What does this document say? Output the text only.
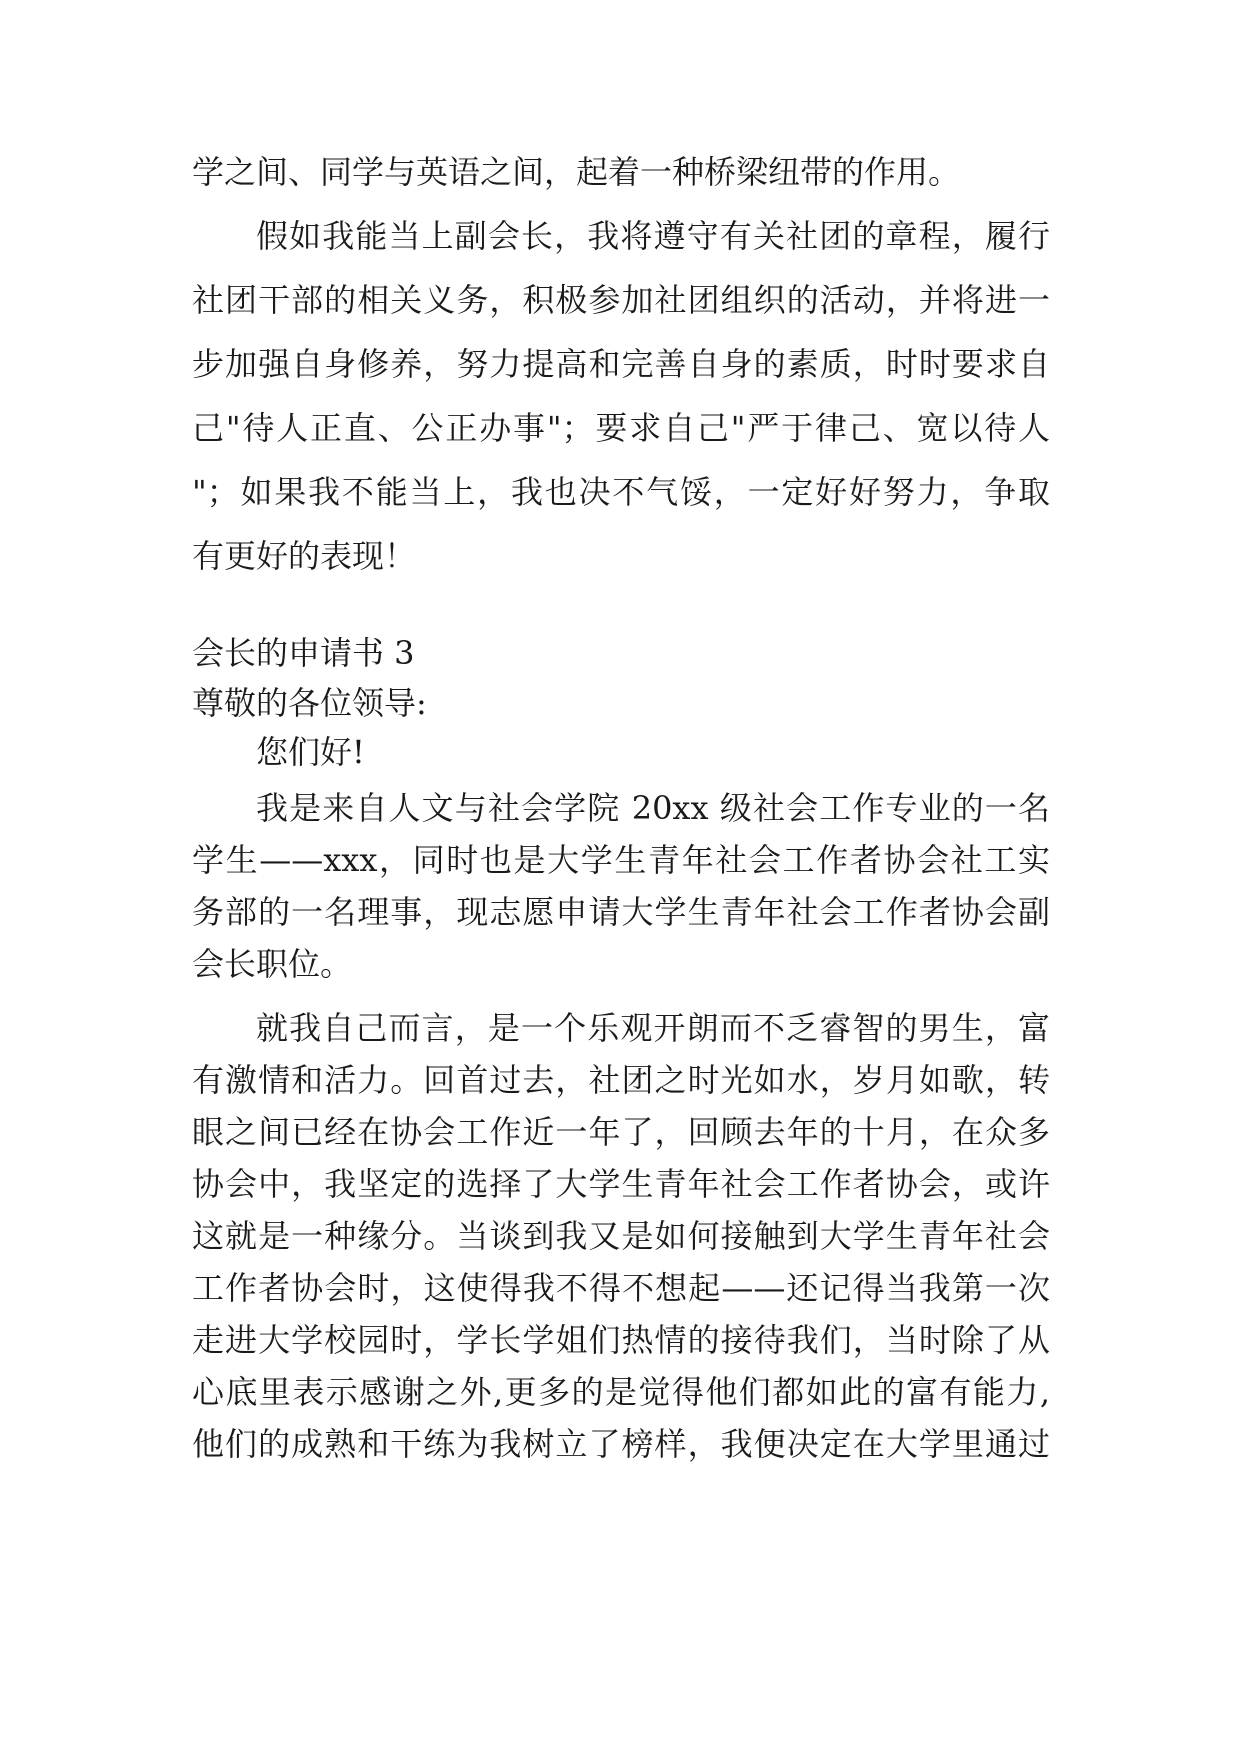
学之间、同学与英语之间，起着一种桥梁纽带的作用。
假如我能当上副会长，我将遵守有关社团的章程，履行
社团干部的相关义务，积极参加社团组织的活动，并将进一
步加强自身修养，努力提高和完善自身的素质，时时要求自
己"待人正直、公正办事"；要求自己"严于律己、宽以待人
"；如果我不能当上，我也决不气馁，一定好好努力，争取
有更好的表现！
会长的申请书 3
尊敬的各位领导:
您们好!
我是来自人文与社会学院 20xx 级社会工作专业的一名
学生——xxx，同时也是大学生青年社会工作者协会社工实
务部的一名理事，现志愿申请大学生青年社会工作者协会副
会长职位。
就我自己而言，是一个乐观开朗而不乏睿智的男生，富
有激情和活力。回首过去，社团之时光如水，岁月如歌，转
眼之间已经在协会工作近一年了，回顾去年的十月，在众多
协会中，我坚定的选择了大学生青年社会工作者协会，或许
这就是一种缘分。当谈到我又是如何接触到大学生青年社会
工作者协会时，这使得我不得不想起——还记得当我第一次
走进大学校园时，学长学姐们热情的接待我们，当时除了从
心底里表示感谢之外,更多的是觉得他们都如此的富有能力,
他们的成熟和干练为我树立了榜样，我便决定在大学里通过
